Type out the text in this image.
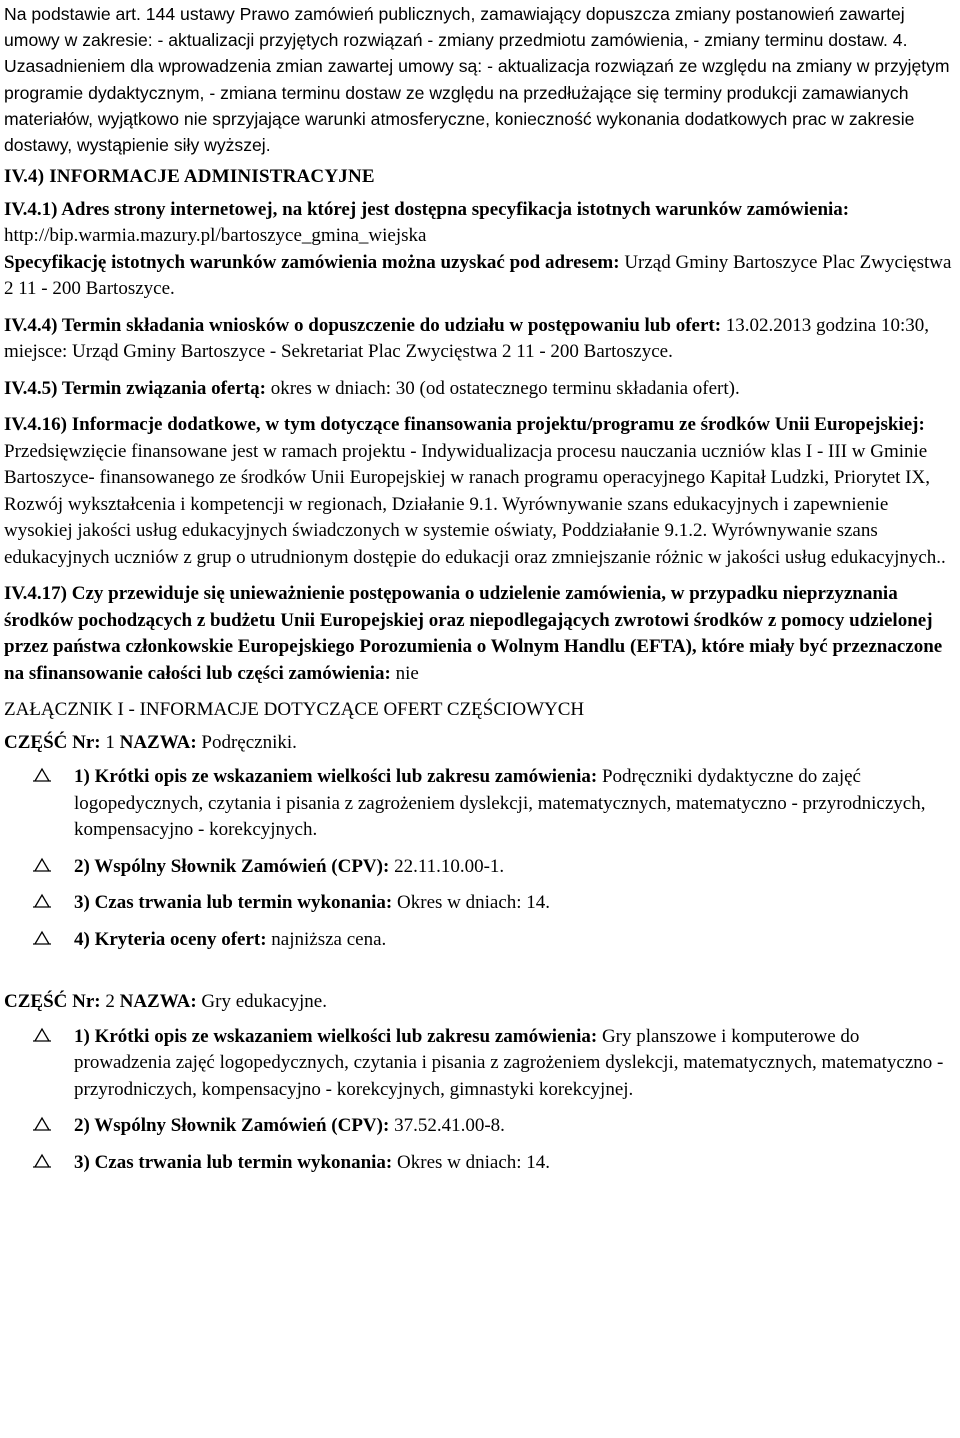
Na podstawie art. 144 ustawy Prawo zamówień publicznych, zamawiający dopuszcza zmiany postanowień zawartej umowy w zakresie: - aktualizacji przyjętych rozwiązań - zmiany przedmiotu zamówienia, - zmiany terminu dostaw. 4. Uzasadnieniem dla wprowadzenia zmian zawartej umowy są: - aktualizacja rozwiązań ze względu na zmiany w przyjętym programie dydaktycznym, - zmiana terminu dostaw ze względu na przedłużające się terminy produkcji zamawianych materiałów, wyjątkowo nie sprzyjające warunki atmosferyczne, konieczność wykonania dodatkowych prac w zakresie dostawy, wystąpienie siły wyższej.

IV.4) INFORMACJE ADMINISTRACYJNE

IV.4.1) Adres strony internetowej, na której jest dostępna specyfikacja istotnych warunków zamówienia: http://bip.warmia.mazury.pl/bartoszyce_gmina_wiejska

Specyfikację istotnych warunków zamówienia można uzyskać pod adresem: Urząd Gminy Bartoszyce Plac Zwycięstwa 2 11 - 200 Bartoszyce.

IV.4.4) Termin składania wniosków o dopuszczenie do udziału w postępowaniu lub ofert: 13.02.2013 godzina 10:30, miejsce: Urząd Gminy Bartoszyce - Sekretariat Plac Zwycięstwa 2 11 - 200 Bartoszyce.

IV.4.5) Termin związania ofertą: okres w dniach: 30 (od ostatecznego terminu składania ofert).

IV.4.16) Informacje dodatkowe, w tym dotyczące finansowania projektu/programu ze środków Unii Europejskiej: Przedsięwzięcie finansowane jest w ramach projektu - Indywidualizacja procesu nauczania uczniów klas I - III w Gminie Bartoszyce- finansowanego ze środków Unii Europejskiej w ranach programu operacyjnego Kapitał Ludzki, Priorytet IX, Rozwój wykształcenia i kompetencji w regionach, Działanie 9.1. Wyrównywanie szans edukacyjnych i zapewnienie wysokiej jakości usług edukacyjnych świadczonych w systemie oświaty, Poddziałanie 9.1.2. Wyrównywanie szans edukacyjnych uczniów z grup o utrudnionym dostępie do edukacji oraz zmniejszanie różnic w jakości usług edukacyjnych..

IV.4.17) Czy przewiduje się unieważnienie postępowania o udzielenie zamówienia, w przypadku nieprzyznania środków pochodzących z budżetu Unii Europejskiej oraz niepodlegających zwrotowi środków z pomocy udzielonej przez państwa członkowskie Europejskiego Porozumienia o Wolnym Handlu (EFTA), które miały być przeznaczone na sfinansowanie całości lub części zamówienia: nie

ZAŁĄCZNIK I - INFORMACJE DOTYCZĄCE OFERT CZĘŚCIOWYCH

CZĘŚĆ Nr: 1 NAZWA: Podręczniki.

1) Krótki opis ze wskazaniem wielkości lub zakresu zamówienia: Podręczniki dydaktyczne do zajęć logopedycznych, czytania i pisania z zagrożeniem dyslekcji, matematycznych, matematyczno - przyrodniczych, kompensacyjno - korekcyjnych.
2) Wspólny Słownik Zamówień (CPV): 22.11.10.00-1.
3) Czas trwania lub termin wykonania: Okres w dniach: 14.
4) Kryteria oceny ofert: najniższa cena.

CZĘŚĆ Nr: 2 NAZWA: Gry edukacyjne.

1) Krótki opis ze wskazaniem wielkości lub zakresu zamówienia: Gry planszowe i komputerowe do prowadzenia zajęć logopedycznych, czytania i pisania z zagrożeniem dyslekcji, matematycznych, matematyczno - przyrodniczych, kompensacyjno - korekcyjnych, gimnastyki korekcyjnej.
2) Wspólny Słownik Zamówień (CPV): 37.52.41.00-8.
3) Czas trwania lub termin wykonania: Okres w dniach: 14.
